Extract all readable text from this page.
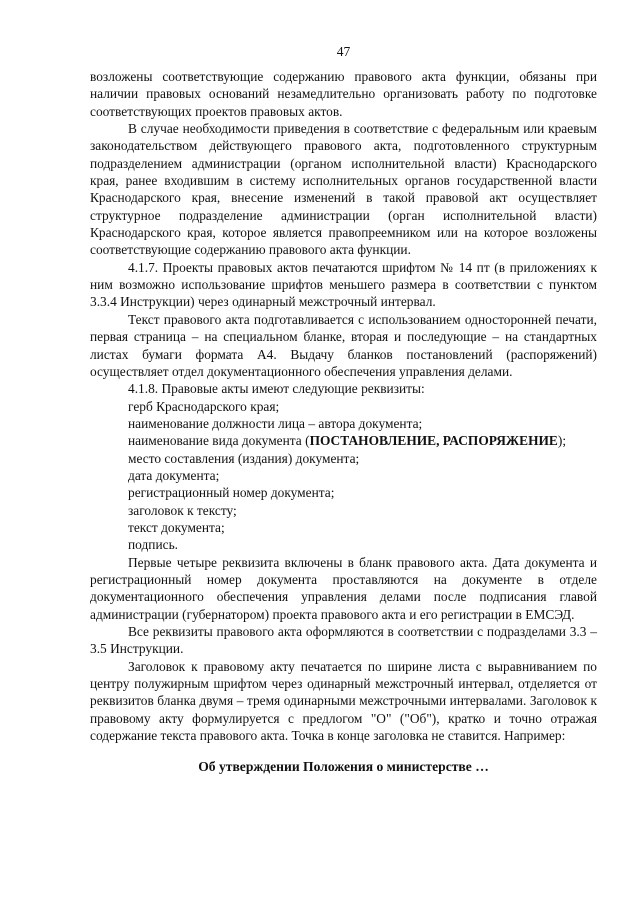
47

возложены соответствующие содержанию правового акта функции, обязаны при наличии правовых оснований незамедлительно организовать работу по подготовке соответствующих проектов правовых актов.

В случае необходимости приведения в соответствие с федеральным или краевым законодательством действующего правового акта, подготовленного структурным подразделением администрации (органом исполнительной власти) Краснодарского края, ранее входившим в систему исполнительных органов государственной власти Краснодарского края, внесение изменений в такой правовой акт осуществляет структурное подразделение администрации (орган исполнительной власти) Краснодарского края, которое является правопреемником или на которое возложены соответствующие содержанию правового акта функции.

4.1.7. Проекты правовых актов печатаются шрифтом № 14 пт (в приложениях к ним возможно использование шрифтов меньшего размера в соответствии с пунктом 3.3.4 Инструкции) через одинарный межстрочный интервал.

Текст правового акта подготавливается с использованием односторонней печати, первая страница – на специальном бланке, вторая и последующие – на стандартных листах бумаги формата А4. Выдачу бланков постановлений (распоряжений) осуществляет отдел документационного обеспечения управления делами.

4.1.8. Правовые акты имеют следующие реквизиты:

герб Краснодарского края;
наименование должности лица – автора документа;
наименование вида документа (ПОСТАНОВЛЕНИЕ, РАСПОРЯЖЕНИЕ);
место составления (издания) документа;
дата документа;
регистрационный номер документа;
заголовок к тексту;
текст документа;
подпись.

Первые четыре реквизита включены в бланк правового акта. Дата документа и регистрационный номер документа проставляются на документе в отделе документационного обеспечения управления делами после подписания главой администрации (губернатором) проекта правового акта и его регистрации в ЕМСЭД.

Все реквизиты правового акта оформляются в соответствии с подразделами 3.3 – 3.5 Инструкции.

Заголовок к правовому акту печатается по ширине листа с выравниванием по центру полужирным шрифтом через одинарный межстрочный интервал, отделяется от реквизитов бланка двумя – тремя одинарными межстрочными интервалами. Заголовок к правовому акту формулируется с предлогом "О" ("Об"), кратко и точно отражая содержание текста правового акта. Точка в конце заголовка не ставится. Например:

Об утверждении Положения о министерстве …
